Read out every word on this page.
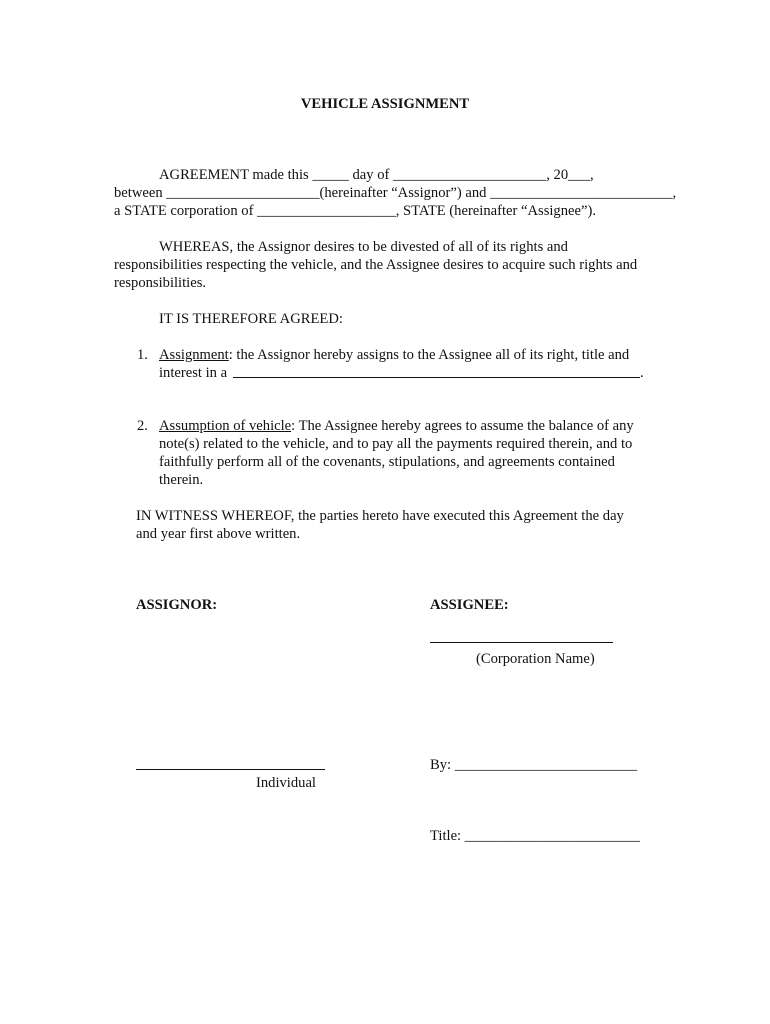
VEHICLE ASSIGNMENT
AGREEMENT made this _____ day of _____________________, 20___,
between _____________________(hereinafter “Assignor”) and _________________________,
a STATE corporation of ___________________, STATE (hereinafter “Assignee”).
WHEREAS, the Assignor desires to be divested of all of its rights and
responsibilities respecting the vehicle, and the Assignee desires to acquire such rights and
responsibilities.
IT IS THEREFORE AGREED:
1. Assignment: the Assignor hereby assigns to the Assignee all of its right, title and
interest in a	.
2. Assumption of vehicle: The Assignee hereby agrees to assume the balance of any
note(s) related to the vehicle, and to pay all the payments required therein, and to
faithfully perform all of the covenants, stipulations, and agreements contained
therein.
IN WITNESS WHEREOF, the parties hereto have executed this Agreement the day
and year first above written.
ASSIGNOR:	ASSIGNEE:
(Corporation Name)
Individual
By: _________________________
Title: ________________________
